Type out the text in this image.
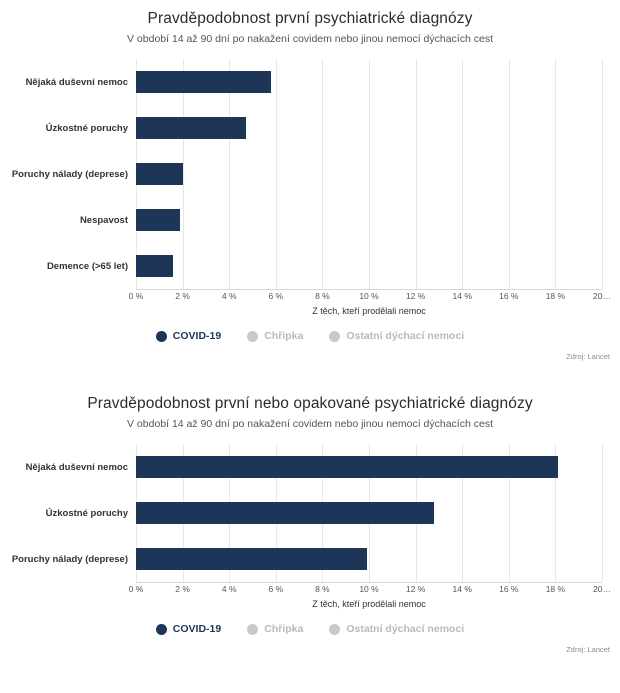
Pravděpodobnost první psychiatrické diagnózy
V období 14 až 90 dní po nakažení covidem nebo jinou nemocí dýchacích cest
Nějaká duševní nemoc
Úzkostné poruchy
Poruchy nálady (deprese)
Nespavost
Demence (>65 let)
0 %	2 %	4 %	6 %	8 %	10 %	12 %	14 %	16 %	18 %	20…
Z těch, kteří prodělali nemoc
COVID-19	Chřipka	Ostatní dýchací nemoci
Zdroj: Lancet
Pravděpodobnost první nebo opakované psychiatrické diagnózy
V období 14 až 90 dní po nakažení covidem nebo jinou nemocí dýchacích cest
Nějaká duševní nemoc
Úzkostné poruchy
Poruchy nálady (deprese)
0 %	2 %	4 %	6 %	8 %	10 %	12 %	14 %	16 %	18 %	20…
Z těch, kteří prodělali nemoc
COVID-19	Chřipka	Ostatní dýchací nemoci
Zdroj: Lancet
